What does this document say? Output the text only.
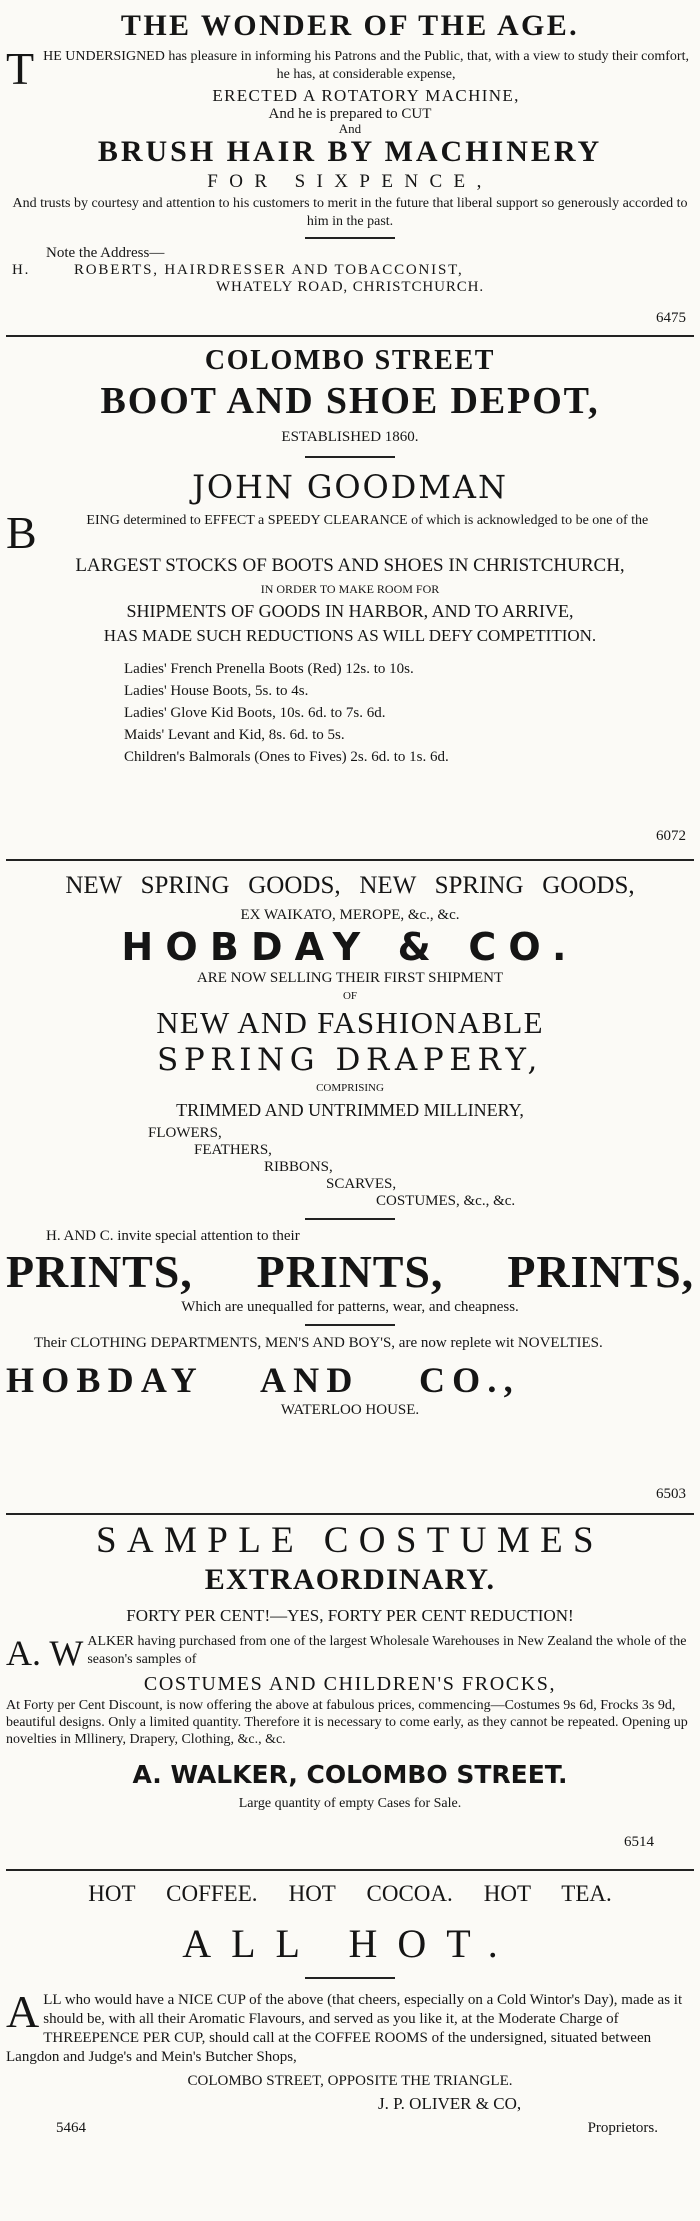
THE WONDER OF THE AGE.
T HE UNDERSIGNED has pleasure in informing his Patrons and the Public, that, with a view to study their comfort, he has, at considerable expense,

ERECTED A ROTATORY MACHINE,
And he is prepared to CUT
And
BRUSH HAIR BY MACHINERY
FOR SIXPENCE,

And trusts by courtesy and attention to his customers to merit in the future that liberal support so generously accorded to him in the past.

Note the Address—
H.	ROBERTS, HAIRDRESSER AND TOBACCONIST,
WHATELY ROAD, CHRISTCHURCH.
6475
COLOMBO STREET
BOOT AND SHOE DEPOT,
ESTABLISHED 1860.
JOHN GOODMAN
B	EING determined to EFFECT a SPEEDY CLEARANCE of which is acknowledged to be one of the

LARGEST STOCKS OF BOOTS AND SHOES IN CHRISTCHURCH,
IN ORDER TO MAKE ROOM FOR
SHIPMENTS OF GOODS IN HARBOR, AND TO ARRIVE,
HAS MADE SUCH REDUCTIONS AS WILL DEFY COMPETITION.
Ladies' French Prenella Boots (Red) 12s. to 10s.
Ladies' House Boots, 5s. to 4s.
Ladies' Glove Kid Boots, 10s. 6d. to 7s. 6d.
Maids' Levant and Kid, 8s. 6d. to 5s.
Children's Balmorals (Ones to Fives) 2s. 6d. to 1s. 6d.
6072
NEW SPRING GOODS, NEW SPRING GOODS,
EX WAIKATO, MEROPE, &c., &c.
HOBDAY & CO.
ARE NOW SELLING THEIR FIRST SHIPMENT
OF
NEW AND FASHIONABLE
SPRING DRAPERY,
COMPRISING
TRIMMED AND UNTRIMMED MILLINERY,
FLOWERS,
FEATHERS,
RIBBONS,
SCARVES,
COSTUMES, &c., &c.
H. AND C. invite special attention to their
PRINTS, PRINTS, PRINTS,
Which are unequalled for patterns, wear, and cheapness.

Their CLOTHING DEPARTMENTS, MEN'S AND BOY'S, are now replete wit NOVELTIES.

HOBDAY AND CO.,
WATERLOO HOUSE.
6503
SAMPLE COSTUMES
EXTRAORDINARY.
FORTY PER CENT!—YES, FORTY PER CENT REDUCTION!
A. W ALKER having purchased from one of the largest Wholesale Warehouses in New Zealand the whole of the season's samples of

COSTUMES AND CHILDREN'S FROCKS,

At Forty per Cent Discount, is now offering the above at fabulous prices, commencing—Costumes 9s 6d, Frocks 3s 9d, beautiful designs. Only a limited quantity. Therefore it is necessary to come early, as they cannot be repeated. Opening up novelties in Mllinery, Drapery, Clothing, &c., &c.

A. WALKER, COLOMBO STREET.
Large quantity of empty Cases for Sale.
6514
HOT COFFEE. HOT COCOA. HOT TEA.
ALL HOT.
A LL who would have a NICE CUP of the above (that cheers, especially on a Cold Wintor's Day), made as it should be, with all their Aromatic Flavours, and served as you like it, at the Moderate Charge of THREEPENCE PER CUP, should call at the COFFEE ROOMS of the undersigned, situated between Langdon and Judge's and Mein's Butcher Shops,

COLOMBO STREET, OPPOSITE THE TRIANGLE.
J. P. OLIVER & CO,
5464	Proprietors.
